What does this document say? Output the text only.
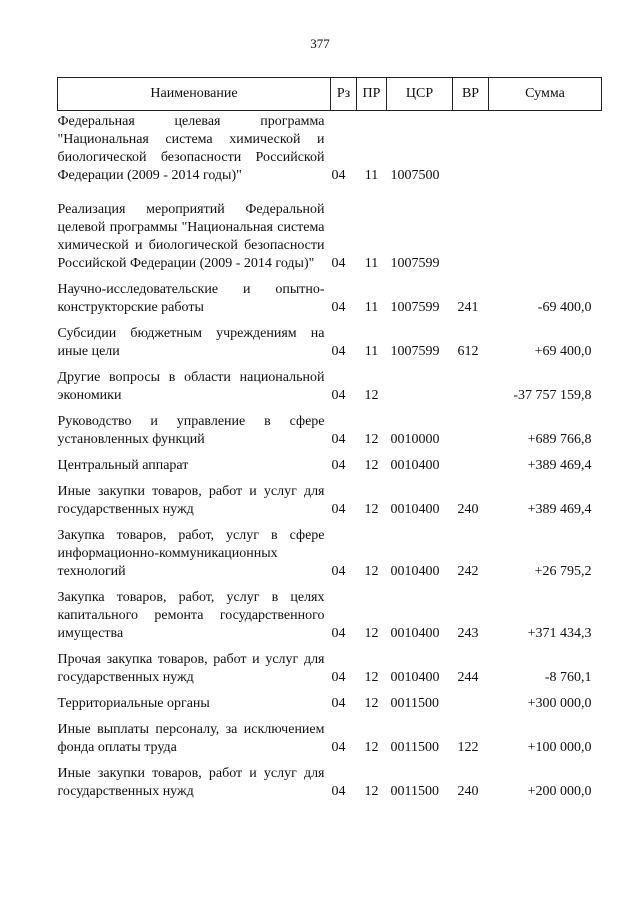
377
Наименование	Рз	ПР	ЦСР	ВР	Сумма
Федеральная целевая программа "Национальная система химической и биологической безопасности Российской Федерации (2009 - 2014 годы)"	04	11	1007500		
Реализация мероприятий Федеральной целевой программы "Национальная система химической и биологической безопасности Российской Федерации (2009 - 2014 годы)"	04	11	1007599		
Научно-исследовательские и опытно-конструкторские работы	04	11	1007599	241	-69 400,0
Субсидии бюджетным учреждениям на иные цели	04	11	1007599	612	+69 400,0
Другие вопросы в области национальной экономики	04	12			-37 757 159,8
Руководство и управление в сфере установленных функций	04	12	0010000		+689 766,8
Центральный аппарат	04	12	0010400		+389 469,4
Иные закупки товаров, работ и услуг для государственных нужд	04	12	0010400	240	+389 469,4
Закупка товаров, работ, услуг в сфере информационно-коммуникационных технологий	04	12	0010400	242	+26 795,2
Закупка товаров, работ, услуг в целях капитального ремонта государственного имущества	04	12	0010400	243	+371 434,3
Прочая закупка товаров, работ и услуг для государственных нужд	04	12	0010400	244	-8 760,1
Территориальные органы	04	12	0011500		+300 000,0
Иные выплаты персоналу, за исключением фонда оплаты труда	04	12	0011500	122	+100 000,0
Иные закупки товаров, работ и услуг для государственных нужд	04	12	0011500	240	+200 000,0
